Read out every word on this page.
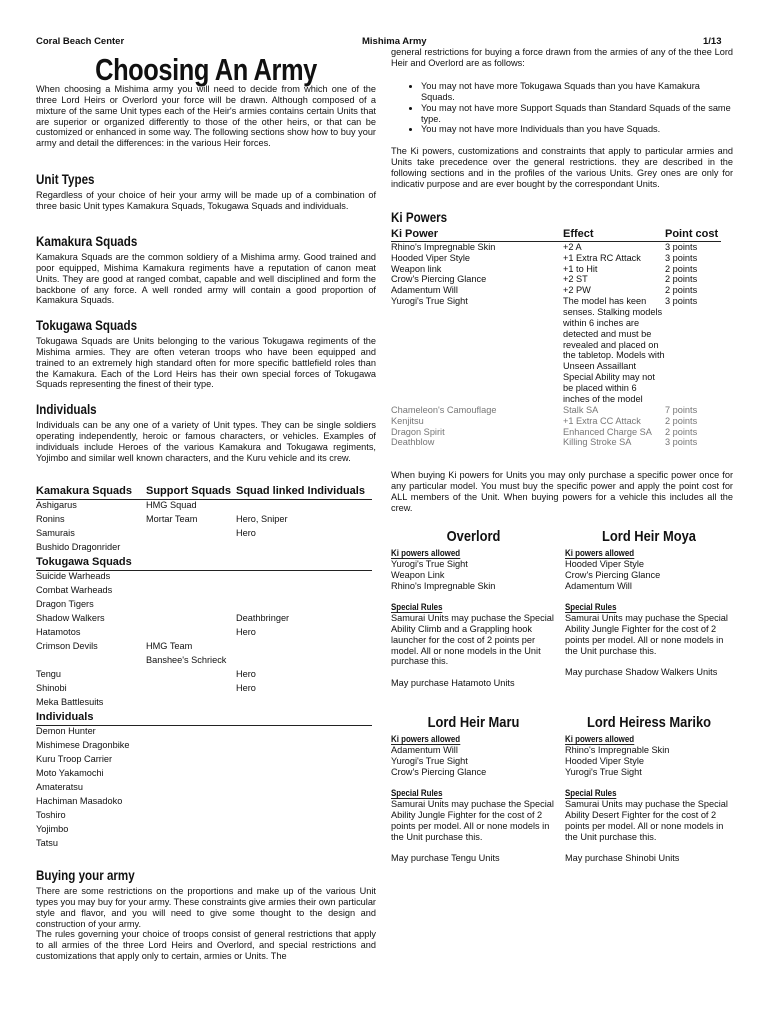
Coral Beach Center	Mishima Army	1/13
Choosing An Army

When choosing a Mishima army you will need to decide from which one of the three Lord Heirs or Overlord your force will be drawn. Although composed of a mixture of the same Unit types each of the Heir's armies contains certain Units that are superior or organized differently to those of the other heirs, or that can be customized or enhanced in some way. The following sections show how to buy your army and detail the differences: in the various Heir forces.

Unit Types

Regardless of your choice of heir your army will be made up of a combination of three basic Unit types Kamakura Squads, Tokugawa Squads and individuals.

Kamakura Squads

Kamakura Squads are the common soldiery of a Mishima army. Good trained and poor equipped, Mishima Kamakura regiments have a reputation of canon meat Units. They are good at ranged combat, capable and well disciplined and form the backbone of any force. A well ronded army will contain a good proportion of Kamakura Squads.

Tokugawa Squads

Tokugawa Squads are Units belonging to the various Tokugawa regiments of the Mishima armies. They are often veteran troops who have been equipped and trained to an extremely high standard often for more specific battlefield roles than the Kamakura. Each of the Lord Heirs has their own special forces of Tokugawa Squads representing the finest of their type.

Individuals

Individuals can be any one of a variety of Unit types. They can be single soldiers operating independently, heroic or famous characters, or vehicles. Examples of individuals include Heroes of the various Kamakura and Tokugawa regiments, Yojimbo and similar well known characters, and the Kuru vehicle and its crew.

Kamakura Squads	Support Squads	Squad linked Individuals
Ashigarus	HMG Squad	
Ronins	Mortar Team	Hero, Sniper
Samurais		Hero
Bushido Dragonrider		
Tokugawa Squads	
Suicide Warheads		
Combat Warheads		
Dragon Tigers		
Shadow Walkers		Deathbringer
Hatamotos		Hero
Crimson Devils	HMG Team	
	Banshee's Schrieck	
Tengu		Hero
Shinobi		Hero
Meka Battlesuits		
Individuals	
Demon Hunter		
Mishimese Dragonbike		
Kuru Troop Carrier		
Moto Yakamochi		
Amateratsu		
Hachiman Masadoko		
Toshiro		
Yojimbo		
Tatsu		
Buying your army

There are some restrictions on the proportions and make up of the various Unit types you may buy for your army. These constraints give armies their own particular style and flavor, and you will need to give some thought to the design and construction of your army.

The rules governing your choice of troops consist of general restrictions that apply to all armies of the three Lord Heirs and Overlord, and special restrictions and customizations that apply only to certain, armies or Units. The

general restrictions for buying a force drawn from the armies of any of the thee Lord Heir and Overlord are as follows:

• You may not have more Tokugawa Squads than you have Kamakura Squads.
• You may not have more Support Squads than Standard Squads of the same type.
• You may not have more Individuals than you have Squads.

The Ki powers, customizations and constraints that apply to particular armies and Units take precedence over the general restrictions. they are described in the following sections and in the profiles of the various Units. Grey ones are only for indicativ purpose and are ever bought by the correspondant Units.

Ki Powers
Ki Power	Effect	Point cost
Rhino's Impregnable Skin	+2 A	3 points
Hooded Viper Style	+1 Extra RC Attack	3 points
Weapon link	+1 to Hit	2 points
Crow's Piercing Glance	+2 ST	2 points
Adamentum Will	+2 PW	2 points
Yurogi's True Sight	The model has keen senses. Stalking models within 6 inches are detected and must be revealed and placed on the tabletop. Models with Unseen Assaillant Special Ability may not be placed within 6 inches of the model	3 points
Chameleon's Camouflage	Stalk SA	7 points
Kenjitsu	+1 Extra CC Attack	2 points
Dragon Spirit	Enhanced Charge SA	2 points
Deathblow	Killing Stroke SA	3 points

When buying Ki powers for Units you may only purchase a specific power once for any particular model. You must buy the specific power and apply the point cost for ALL members of the Unit. When buying powers for a vehicle this includes all the crew.

Overlord
Ki powers allowed
Yurogi's True Sight
Weapon Link
Rhino's Impregnable Skin
Special Rules
Samurai Units may puchase the Special Ability Climb and a Grappling hook launcher for the cost of 2 points per model. All or none models in the Unit purchase this.
May purchase Hatamoto Units
Lord Heir Moya
Ki powers allowed
Hooded Viper Style
Crow's Piercing Glance
Adamentum Will
Special Rules
Samurai Units may puchase the Special Ability Jungle Fighter for the cost of 2 points per model. All or none models in the Unit purchase this.
May purchase Shadow Walkers Units
Lord Heir Maru
Ki powers allowed
Adamentum Will
Yurogi's True Sight
Crow's Piercing Glance
Special Rules
Samurai Units may puchase the Special Ability Jungle Fighter for the cost of 2 points per model. All or none models in the Unit purchase this.
May purchase Tengu Units
Lord Heiress Mariko
Ki powers allowed
Rhino's Impregnable Skin
Hooded Viper Style
Yurogi's True Sight
Special Rules
Samurai Units may puchase the Special Ability Desert Fighter for the cost of 2 points per model. All or none models in the Unit purchase this.
May purchase Shinobi Units
